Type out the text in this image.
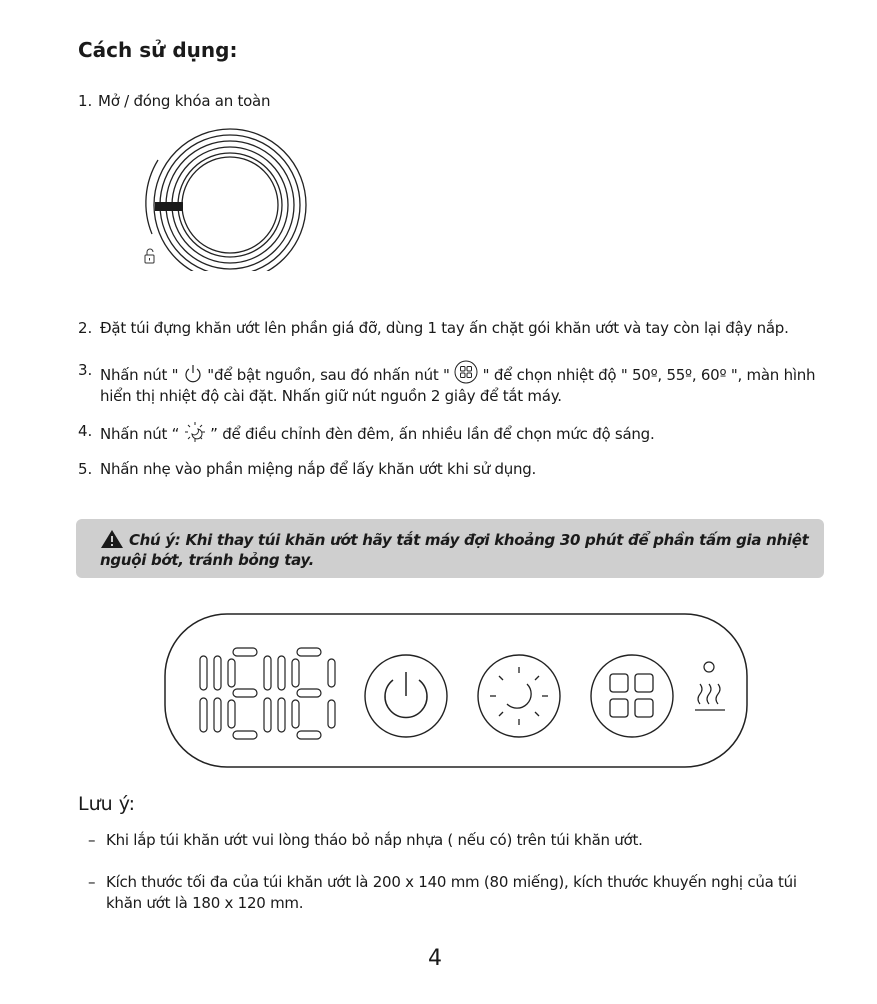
Cách sử dụng:
1. Mở / đóng khóa an toàn
2. Đặt túi đựng khăn ướt lên phần giá đỡ, dùng 1 tay ấn chặt gói khăn ướt và tay còn lại đậy nắp.
3. Nhấn nút "  "để bật nguồn, sau đó nhấn nút "  " để chọn nhiệt độ " 50º, 55º, 60º ", màn hình hiển thị nhiệt độ cài đặt. Nhấn giữ nút nguồn 2 giây để tắt máy.
4. Nhấn nút “  ” để điều chỉnh đèn đêm, ấn nhiều lần để chọn mức độ sáng.
5. Nhấn nhẹ vào phần miệng nắp để lấy khăn ướt khi sử dụng.
Chú ý: Khi thay túi khăn ướt hãy tắt máy đợi khoảng 30 phút để phần tấm gia nhiệt nguội bớt, tránh bỏng tay.
Lưu ý:
– Khi lắp túi khăn ướt vui lòng tháo bỏ nắp nhựa ( nếu có) trên túi khăn ướt.
– Kích thước tối đa của túi khăn ướt là 200 x 140 mm (80 miếng), kích thước khuyến nghị của túi khăn ướt là 180 x 120 mm.
4
